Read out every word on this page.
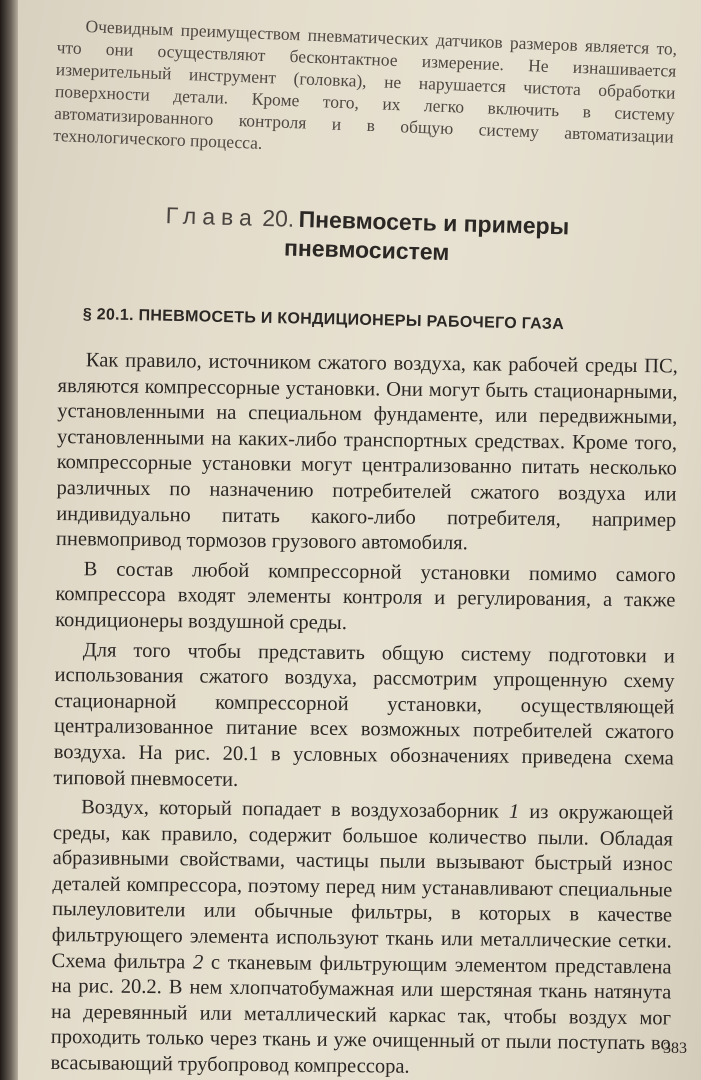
Очевидным преимуществом пневматических датчиков размеров является то, что они осуществляют бесконтактное измерение. Не изнашивается измерительный инструмент (головка), не нарушается чистота обработки поверхности детали. Кроме того, их легко включить в систему автоматизированного контроля и в общую систему автоматизации технологического процесса.

Глава 20. Пневмосеть и примеры
пневмосистем
§ 20.1. ПНЕВМОСЕТЬ И КОНДИЦИОНЕРЫ РАБОЧЕГО ГАЗА

Как правило, источником сжатого воздуха, как рабочей среды ПС, являются компрессорные установки. Они могут быть стационарными, установленными на специальном фундаменте, или передвижными, установленными на каких-либо транспортных средствах. Кроме того, компрессорные установки могут централизованно питать несколько различных по назначению потребителей сжатого воздуха или индивидуально питать какого-либо потребителя, например пневмопривод тормозов грузового автомобиля.

В состав любой компрессорной установки помимо самого компрессора входят элементы контроля и регулирования, а также кондиционеры воздушной среды.

Для того чтобы представить общую систему подготовки и использования сжатого воздуха, рассмотрим упрощенную схему стационарной компрессорной установки, осуществляющей централизованное питание всех возможных потребителей сжатого воздуха. На рис. 20.1 в условных обозначениях приведена схема типовой пневмосети.

Воздух, который попадает в воздухозаборник 1 из окружающей среды, как правило, содержит большое количество пыли. Обладая абразивными свойствами, частицы пыли вызывают быстрый износ деталей компрессора, поэтому перед ним устанавливают специальные пылеуловители или обычные фильтры, в которых в качестве фильтрующего элемента используют ткань или металлические сетки. Схема фильтра 2 с тканевым фильтрующим элементом представлена на рис. 20.2. В нем хлопчатобумажная или шерстяная ткань натянута на деревянный или металлический каркас так, чтобы воздух мог проходить только через ткань и уже очищенный от пыли поступать во всасывающий трубопровод компрессора.

383
